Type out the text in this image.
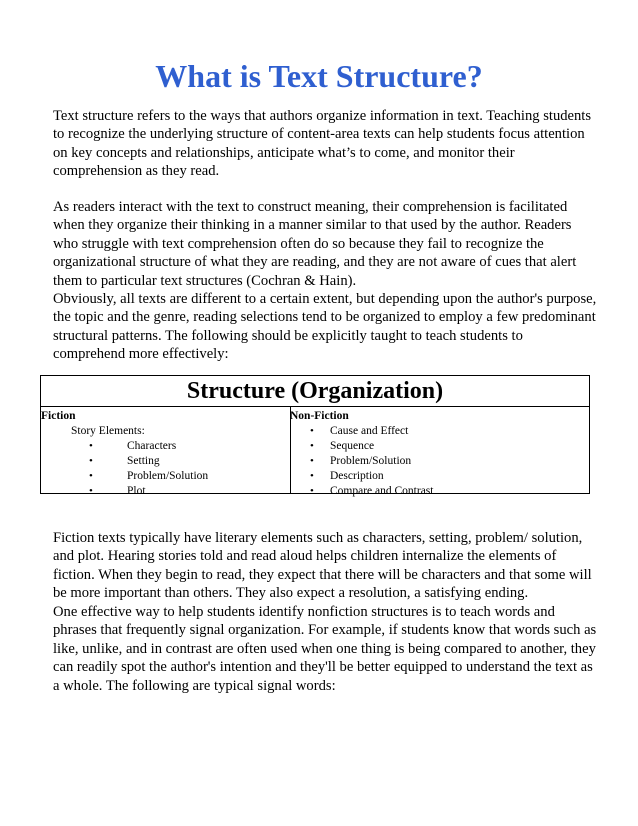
What is Text Structure?

Text structure refers to the ways that authors organize information in text. Teaching students to recognize the underlying structure of content-area texts can help students focus attention on key concepts and relationships, anticipate what’s to come, and monitor their comprehension as they read.

As readers interact with the text to construct meaning, their comprehension is facilitated when they organize their thinking in a manner similar to that used by the author. Readers who struggle with text comprehension often do so because they fail to recognize the organizational structure of what they are reading, and they are not aware of cues that alert them to particular text structures (Cochran & Hain).

Obviously, all texts are different to a certain extent, but depending upon the author's purpose, the topic and the genre, reading selections tend to be organized to employ a few predominant structural patterns. The following should be explicitly taught to teach students to comprehend more effectively:

Structure (Organization)
Fiction
Story Elements:
•	Characters
•	Setting
•	Problem/Solution
•	Plot
Non-Fiction
• Cause and Effect
• Sequence
• Problem/Solution
• Description
• Compare and Contrast

Fiction texts typically have literary elements such as characters, setting, problem/ solution, and plot. Hearing stories told and read aloud helps children internalize the elements of fiction. When they begin to read, they expect that there will be characters and that some will be more important than others. They also expect a resolution, a satisfying ending.

One effective way to help students identify nonfiction structures is to teach words and phrases that frequently signal organization. For example, if students know that words such as like, unlike, and in contrast are often used when one thing is being compared to another, they can readily spot the author's intention and they'll be better equipped to understand the text as a whole. The following are typical signal words:
